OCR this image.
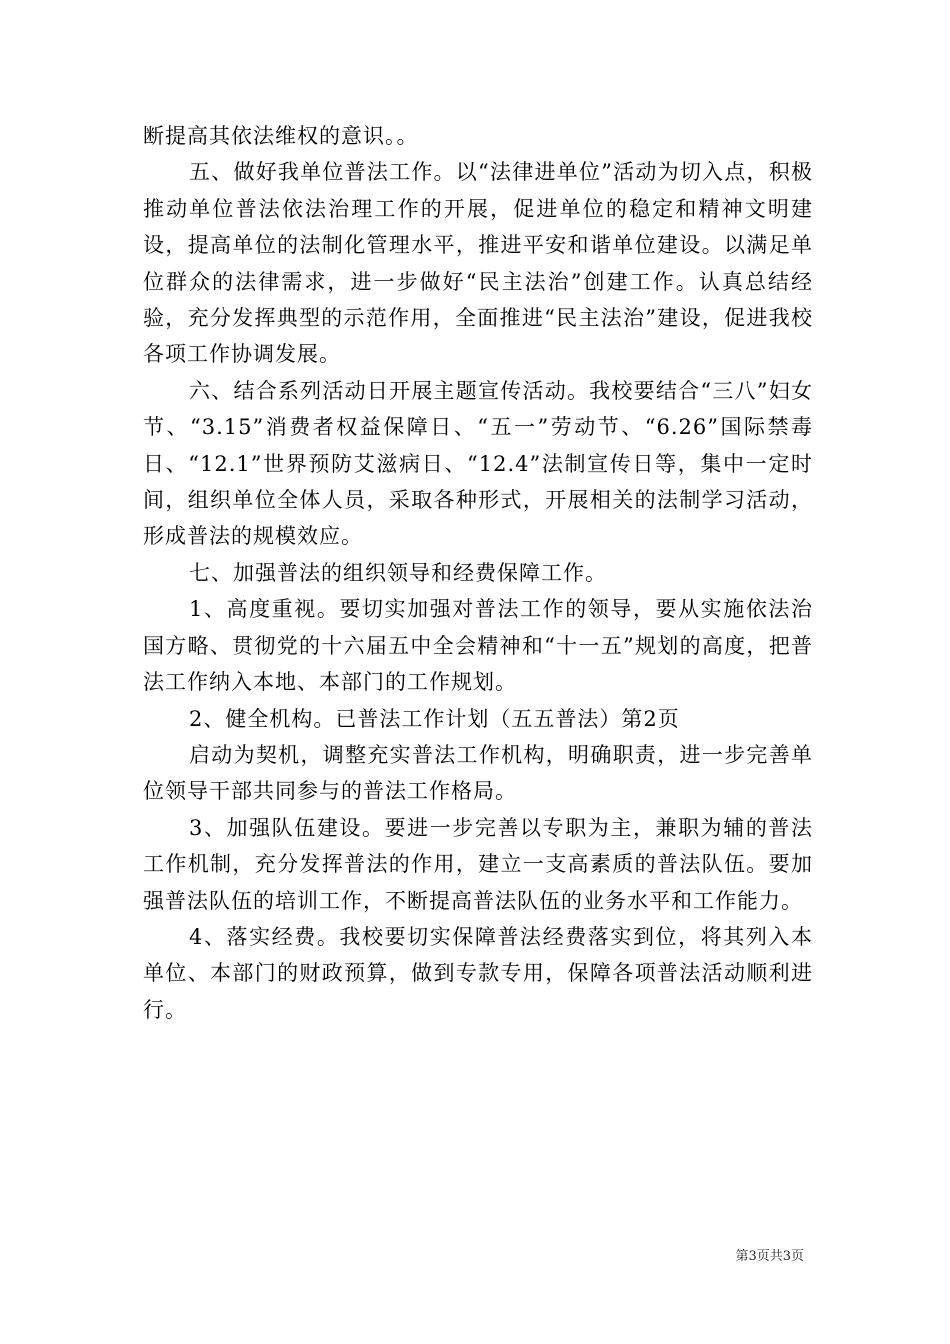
断提高其依法维权的意识。。

五、做好我单位普法工作。以“法律进单位”活动为切入点，积极推动单位普法依法治理工作的开展，促进单位的稳定和精神文明建设，提高单位的法制化管理水平，推进平安和谐单位建设。以满足单位群众的法律需求，进一步做好“民主法治”创建工作。认真总结经验，充分发挥典型的示范作用，全面推进“民主法治”建设，促进我校各项工作协调发展。

六、结合系列活动日开展主题宣传活动。我校要结合“三八”妇女节、“3.15”消费者权益保障日、“五一”劳动节、“6.26”国际禁毒日、“12.1”世界预防艾滋病日、“12.4”法制宣传日等，集中一定时间，组织单位全体人员，采取各种形式，开展相关的法制学习活动，形成普法的规模效应。

七、加强普法的组织领导和经费保障工作。

1、高度重视。要切实加强对普法工作的领导，要从实施依法治国方略、贯彻党的十六届五中全会精神和“十一五”规划的高度，把普法工作纳入本地、本部门的工作规划。

2、健全机构。已普法工作计划（五五普法）第2页

启动为契机，调整充实普法工作机构，明确职责，进一步完善单位领导干部共同参与的普法工作格局。

3、加强队伍建设。要进一步完善以专职为主，兼职为辅的普法工作机制，充分发挥普法的作用，建立一支高素质的普法队伍。要加强普法队伍的培训工作，不断提高普法队伍的业务水平和工作能力。

4、落实经费。我校要切实保障普法经费落实到位，将其列入本单位、本部门的财政预算，做到专款专用，保障各项普法活动顺利进行。

第3页共3页
